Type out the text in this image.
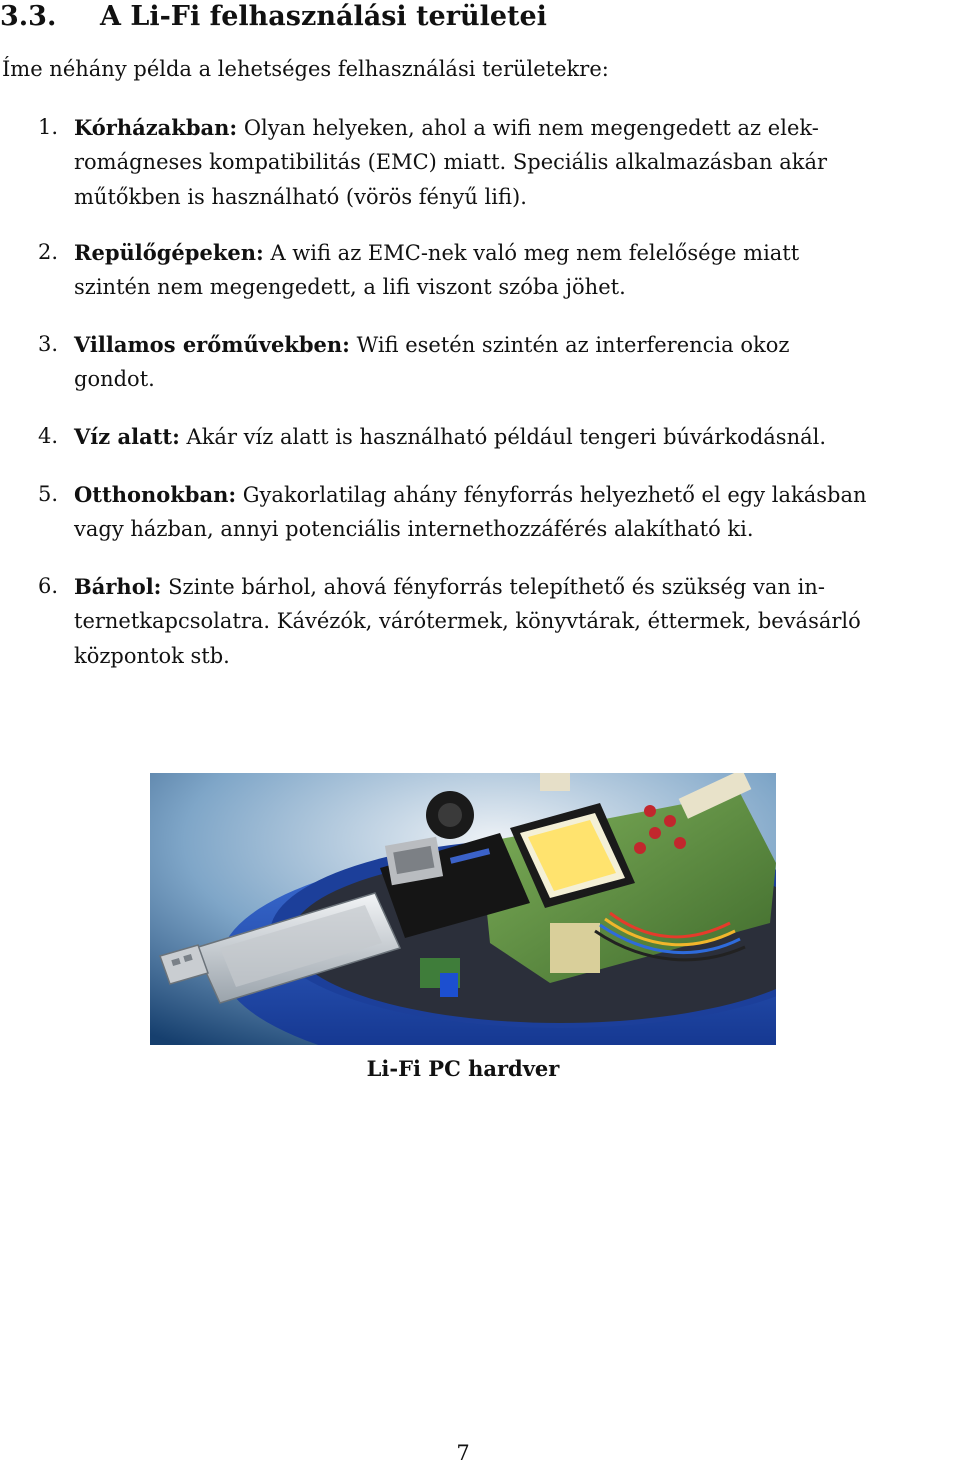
3.3. A Li-Fi felhasználási területei
Íme néhány példa a lehetséges felhasználási területekre:
1. Kórházakban: Olyan helyeken, ahol a wifi nem megengedett az elek-
romágneses kompatibilitás (EMC) miatt. Speciális alkalmazásban akár
műtőkben is használható (vörös fényű lifi).
2. Repülőgépeken: A wifi az EMC-nek való meg nem felelősége miatt
szintén nem megengedett, a lifi viszont szóba jöhet.
3. Villamos erőművekben: Wifi esetén szintén az interferencia okoz
gondot.
4. Víz alatt: Akár víz alatt is használható például tengeri búvárkodásnál.
5. Otthonokban: Gyakorlatilag ahány fényforrás helyezhető el egy lakásban
vagy házban, annyi potenciális internethozzáférés alakítható ki.
6. Bárhol: Szinte bárhol, ahová fényforrás telepíthető és szükség van in-
ternetkapcsolatra. Kávézók, várótermek, könyvtárak, éttermek, bevásárló
központok stb.
Li-Fi PC hardver
7
